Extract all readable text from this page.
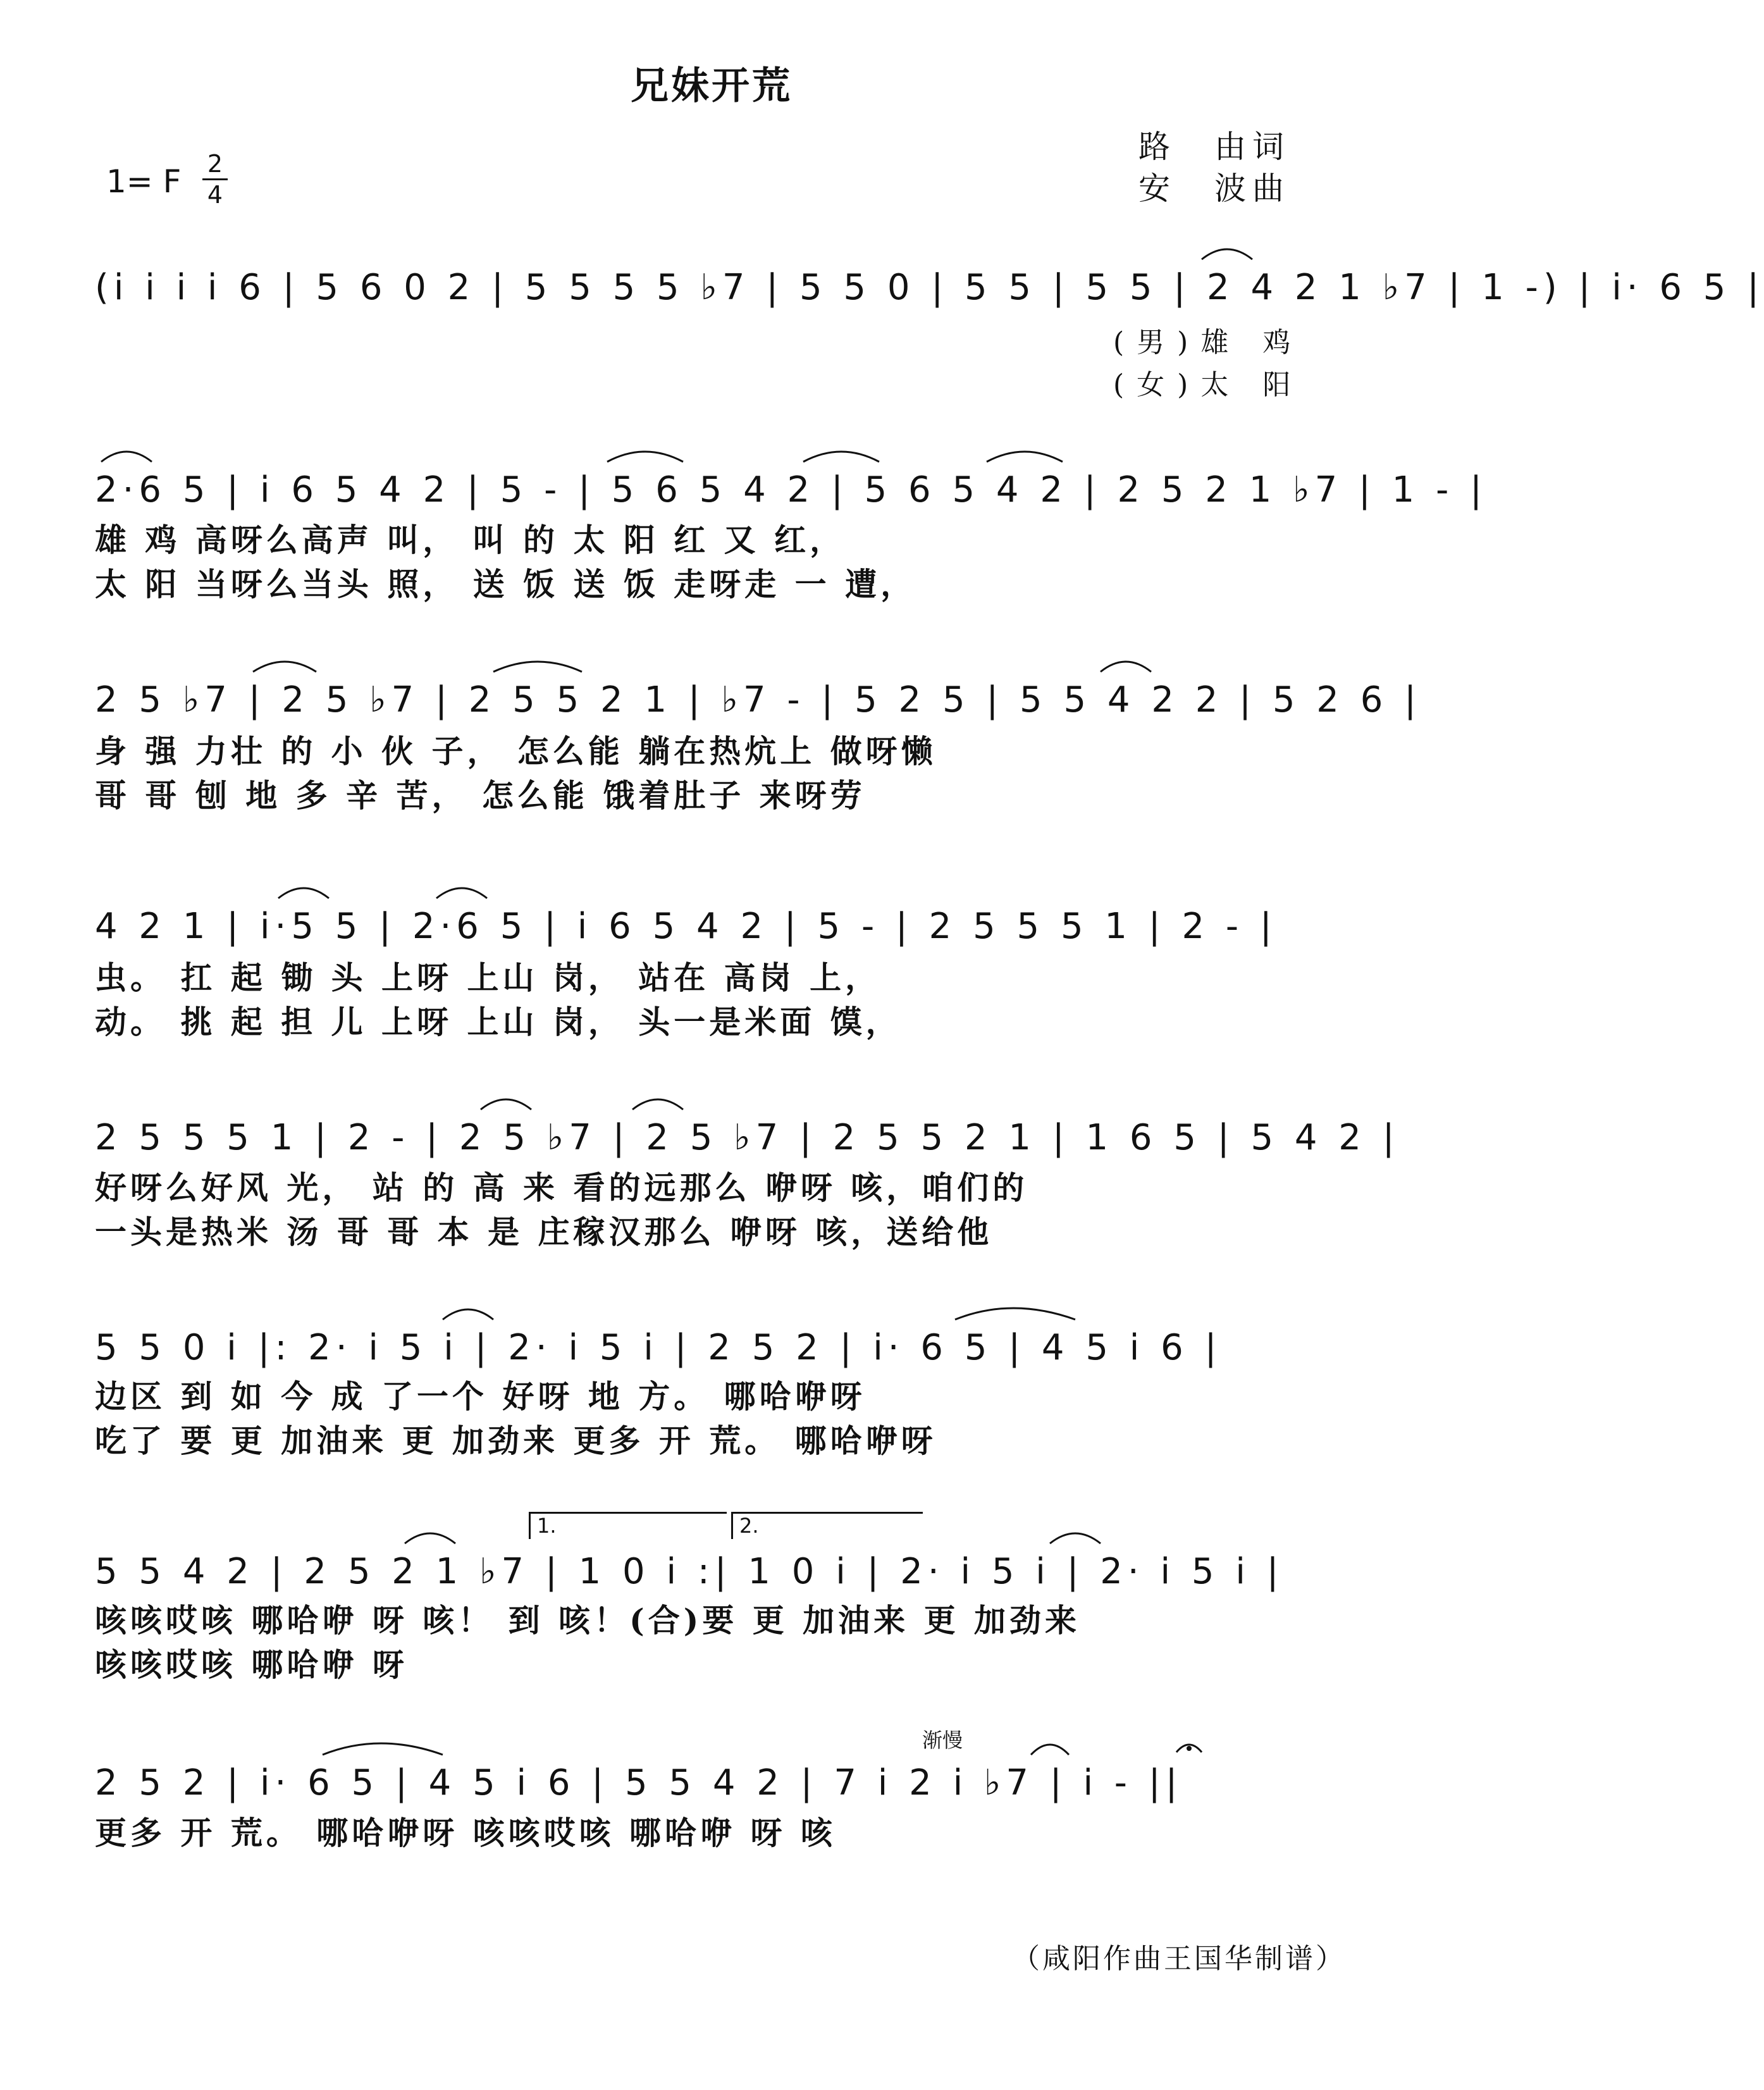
兄妹开荒
路　由词
安　波曲
1= F 2
4
(i i i i 6 | 5 6 0 2 | 5 5 5 5 ♭7 | 5 5 0 | 5 5 | 5 5 | 2 4 2 1 ♭7 | 1 -) | i· 6 5 |
(男)雄 鸡
(女)太 阳
2·6 5 | i 6 5 4 2 | 5 - | 5 6 5 4 2 | 5 6 5 4 2 | 2 5 2 1 ♭7 | 1 - |
雄 鸡 高呀么高声 叫， 叫 的 太 阳 红 又 红，
太 阳 当呀么当头 照， 送 饭 送 饭 走呀走 一 遭，
2 5 ♭7 | 2 5 ♭7 | 2 5 5 2 1 | ♭7 - | 5 2 5 | 5 5 4 2 2 | 5 2 6 |
身 强 力壮 的 小 伙 子， 怎么能 躺在热炕上 做呀懒
哥 哥 刨 地 多 辛 苦， 怎么能 饿着肚子 来呀劳
4 2 1 | i·5 5 | 2·6 5 | i 6 5 4 2 | 5 - | 2 5 5 5 1 | 2 - |
虫。 扛 起 锄 头 上呀 上山 岗， 站在 高岗 上，
动。 挑 起 担 儿 上呀 上山 岗， 头一是米面 馍，
2 5 5 5 1 | 2 - | 2 5 ♭7 | 2 5 ♭7 | 2 5 5 2 1 | 1 6 5 | 5 4 2 |
好呀么好风 光， 站 的 高 来 看的远那么 咿呀 咳，咱们的
一头是热米 汤 哥 哥 本 是 庄稼汉那么 咿呀 咳，送给他
5 5 0 i |: 2· i 5 i | 2· i 5 i | 2 5 2 | i· 6 5 | 4 5 i 6 |
边区 到 如 今 成 了一个 好呀 地 方。 哪哈咿呀
吃了 要 更 加油来 更 加劲来 更多 开 荒。 哪哈咿呀
1.	2.
5 5 4 2 | 2 5 2 1 ♭7 | 1 0 i :| 1 0 i | 2· i 5 i | 2· i 5 i |
咳咳哎咳 哪哈咿 呀 咳！ 到 咳！(合)要 更 加油来 更 加劲来
咳咳哎咳 哪哈咿 呀
渐慢
2 5 2 | i· 6 5 | 4 5 i 6 | 5 5 4 2 | 7 i 2 i ♭7 | i - ||
更多 开 荒。 哪哈咿呀 咳咳哎咳 哪哈咿 呀 咳
（咸阳作曲王国华制谱）
